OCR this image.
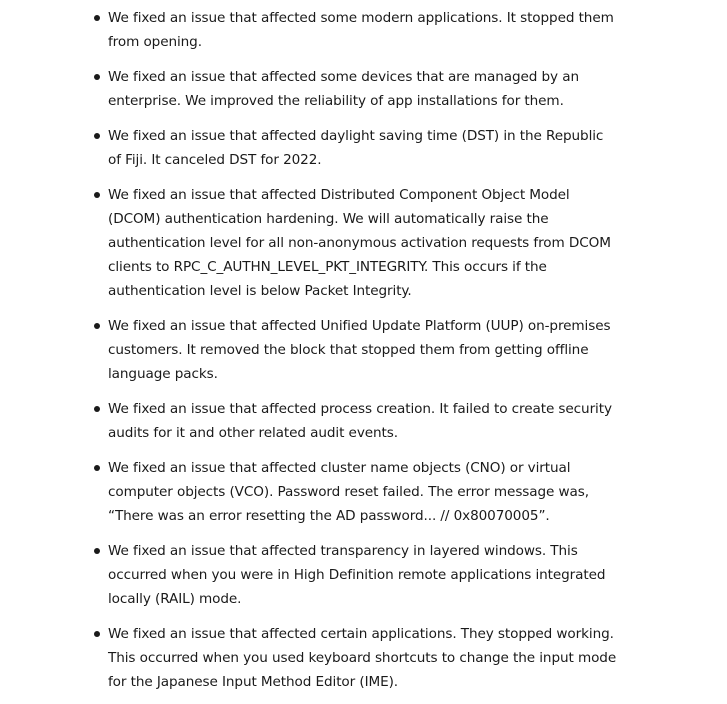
We fixed an issue that affected some modern applications. It stopped them from opening.
We fixed an issue that affected some devices that are managed by an enterprise. We improved the reliability of app installations for them.
We fixed an issue that affected daylight saving time (DST) in the Republic of Fiji. It canceled DST for 2022.
We fixed an issue that affected Distributed Component Object Model (DCOM) authentication hardening. We will automatically raise the authentication level for all non-anonymous activation requests from DCOM clients to RPC_C_AUTHN_LEVEL_PKT_INTEGRITY. This occurs if the authentication level is below Packet Integrity.
We fixed an issue that affected Unified Update Platform (UUP) on-premises customers. It removed the block that stopped them from getting offline language packs.
We fixed an issue that affected process creation. It failed to create security audits for it and other related audit events.
We fixed an issue that affected cluster name objects (CNO) or virtual computer objects (VCO). Password reset failed. The error message was, “There was an error resetting the AD password... // 0x80070005”.
We fixed an issue that affected transparency in layered windows. This occurred when you were in High Definition remote applications integrated locally (RAIL) mode.
We fixed an issue that affected certain applications. They stopped working. This occurred when you used keyboard shortcuts to change the input mode for the Japanese Input Method Editor (IME).
